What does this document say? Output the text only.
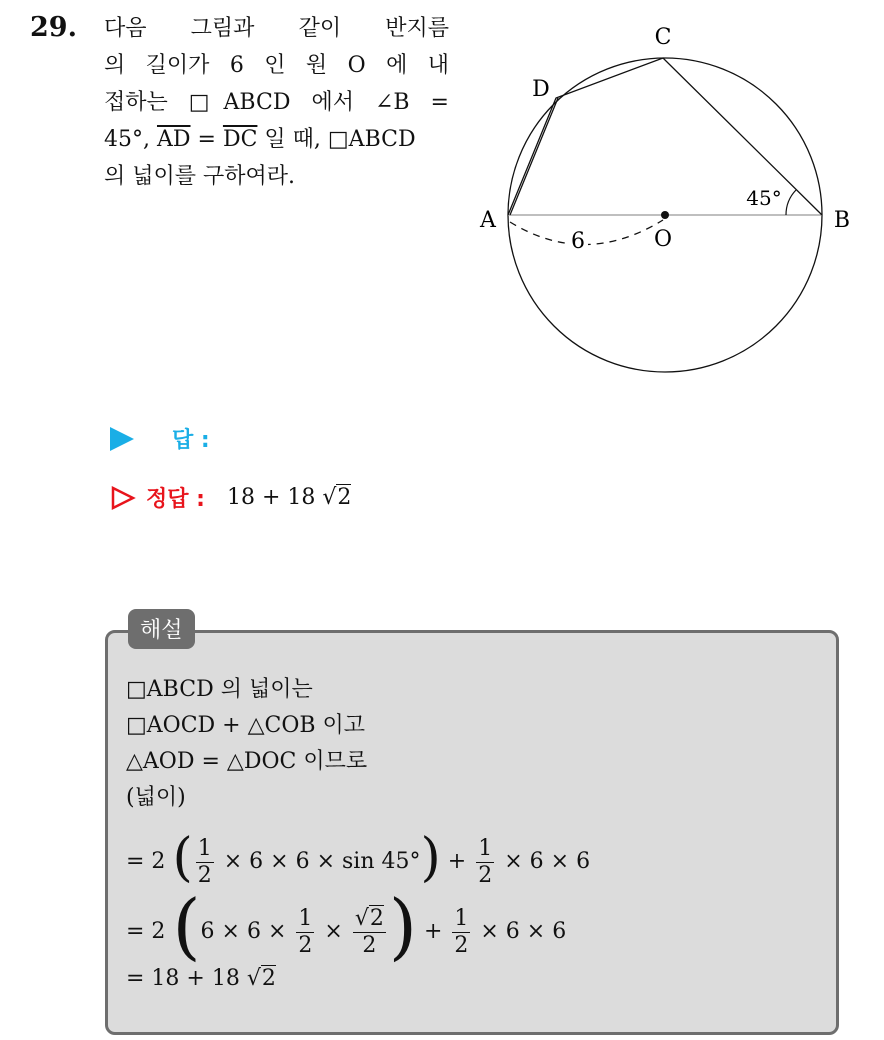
29. 다음 그림과 같이 반지름
의 길이가 6 인 원 O 에 내
접하는 □ABCD 에서 ∠B =
45°, $\overline{AD} = \overline{DC}$ 일 때, □ABCD
의 넓이를 구하여라.
6
A	B
C
D
O
45°
답 :
정답 : 18 + 18 √2
해설
□ABCD 의 넓이는
□AOCD + △COB 이고
△AOD = △DOC 이므로
(넓이)
= 2 ( $\frac{1}{2} \times 6 \times 6 \times \sin 45^\circ) + \frac{1}{2} \times 6 \times 6$
= 2 ($6 \times 6 \times \frac{1}{2} \times \frac{√2}{2}$ ) + $\frac{1}{2} \times 6 \times 6$
= 18 + 18 √2
